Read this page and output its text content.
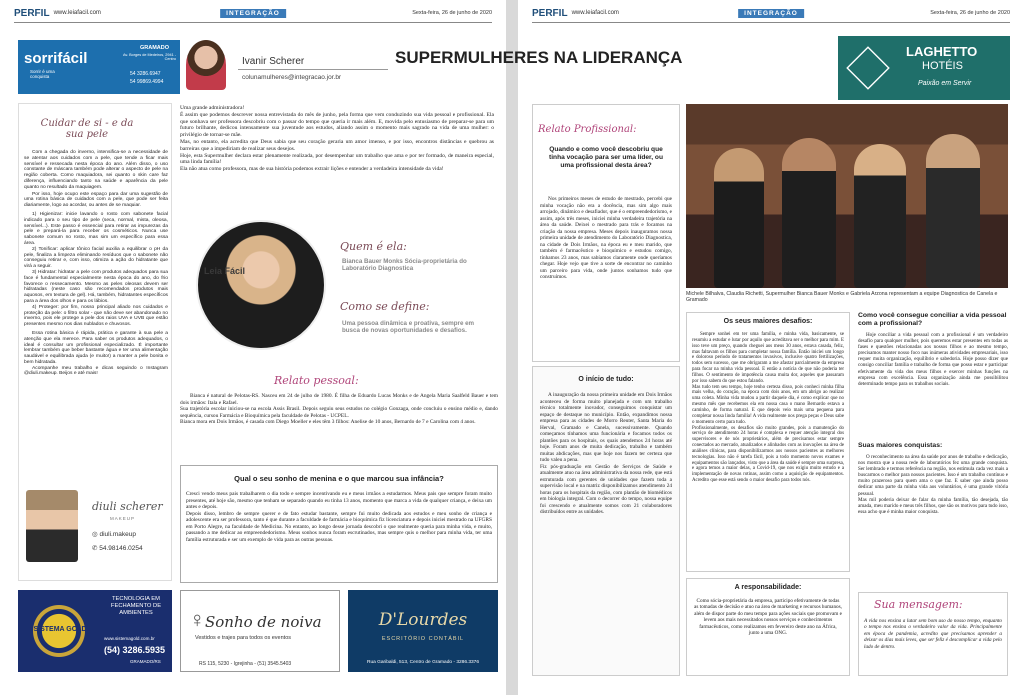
PERFIL www.leiafacil.com	INTEGRAÇÃO	Sexta-feira, 26 de junho de 2020
sorrifácil
Sorrir é uma conquista
GRAMADO
Av. Borges de Medeiros, 2941 - Centro
54 3286.6947
54 99869.4994
Ivanir Scherer
colunamulheres@integracao.jor.br
Cuidar de si - e da sua pele

Com a chegada do inverno, intensifica-se a necessidade de se atentar aos cuidados com a pele, que tende a ficar mais sensível e ressecada nesta época do ano. Além disso, o uso constante de máscara também pode alterar o aspecto de pele na região coberta. Como maquiadora, sei quanto o skin care faz diferença, influenciando tanto na saúde e aparência da pele quanto no resultado da maquiagem.

Por isso, hoje ocupo este espaço para dar uma sugestão de uma rotina básica de cuidados com a pele, que pode ser feita diariamente, logo ao acordar, ou antes de se maquiar.

1) Higienizar: inicie lavando o rosto com sabonete facial indicado para o seu tipo de pele (seca, normal, mista, oleosa, sensível...). Este passo é essencial para retirar as impurezas da pele e prepará-la para receber os cosméticos. Nunca use sabonete comum no rosto, mas sim um específico para essa área.

2) Tonificar: aplicar tônico facial auxilia a equilibrar o pH da pele, finaliza a limpeza eliminando resíduos que o sabonete não conseguiu retirar e, com isso, otimiza a ação do hidratante que virá a seguir.

3) Hidratar: hidratar a pele com produtos adequados para sua face é fundamental especialmente nesta época do ano, do frio favorece o ressecamento. Mesmo as peles oleosas devem ser hidratadas (neste caso são recomendados produtos mais aquosos, em textura de gel). Há, também, hidratantes específicos para a área dos olhos e para os lábios.

4) Proteger: por fim, nosso principal aliado nos cuidados e proteção da pele: o filtro solar - que não deve ser abandonado no inverno, pois ele protege a pele dos raios UVA e UVB que estão presentes mesmo nos dias nublados e chuvosos.

Essa rotina básica é rápida, prática e garante à sua pele a atenção que ela merece. Para saber os produtos adequados, o ideal é consultar um profissional especializado. É importante lembrar também que beber bastante água e ter uma alimentação saudável e equilibrada ajuda (e muito!) a manter a pele bonita e bem hidratada.

Acompanhe meu trabalho e dicas seguindo o Instagram @diuli.makeup. Beijos e até mais!

diuli scherer
MAKEUP
◎ diuli.makeup
✆ 54.98146.0254
Uma grande administradora!
É assim que podemos descrever nossa entrevistada do mês de junho, pela forma que vem conduzindo sua vida pessoal e profissional. Ela que sonhava ser professora descobriu com o passar do tempo que queria ir mais além. E, movida pelo entusiasmo de preparar-se para um futuro brilhante, dedicou intensamente sua juventude aos estudos, aliando assim o momento mais sagrado na vida de uma mulher: o privilégio de tornar-se mãe.
Mas, no entanto, ela acredita que Deus sabia que seu coração geraria um amor imenso, e por isso, encontros distâncias e quebrou as barreiras que a impediriam de realizar seus desejos.
Hoje, esta Supermulher declara estar plenamente realizada, por desempenhar um trabalho que ama e por ter formado, de maneira especial, uma linda família!
Ela não atua como professora, mas de sua história podemos extrair lições e entender a verdadeira intensidade da vida!
Leia Fácil
Quem é ela:
Bianca Bauer Monks Sócia-proprietária do Laboratório Diagnostica
Como se define:
Uma pessoa dinâmica e proativa, sempre em busca de novas oportunidades e desafios.
Relato pessoal:
Bianca é natural de Pelotas-RS. Nasceu em 24 de julho de 1980. É filha de Eduardo Lucas Monks e de Angela Maria Saalfeld Bauer e tem dois irmãos: Itala e Rafael.
Sua trajetória escolar iniciou-se na escola Assis Brasil. Depois seguiu seus estudos no colégio Gonzaga, onde concluiu o ensino médio e, dando sequência, cursou Farmácia e Bioquímica pela faculdade de Pelotas - UCPEL.
Bianca mora em Dois Irmãos, é casada com Diego Moeller e eles têm 3 filhos: Anelise de 10 anos, Bernardo de 7 e Carolina com 4 anos.
Qual o seu sonho de menina e o que marcou sua infância?
Cresci vendo meus pais trabalharem o dia todo e sempre incentivando eu e meus irmãos a estudarmos. Meus pais que sempre foram muito presentes, até hoje são, mesmo que tenham se separado quando eu tinha 13 anos, momento que marca a vida de qualquer criança, e deixa um antes e depois.
Depois disso, lembro de sempre querer e de fato estudar bastante, sempre fui muito dedicada aos estudos e meu sonho de criança e adolescente era ser professora, tanto é que durante a faculdade de farmácia e bioquímica fiz licenciatura e depois iniciei mestrado na UFGRS em Porto Alegre, na faculdade de Medicina. No entanto, ao longo desse jornada descobri o que realmente queria para minha vida, e muito, passando a me dedicar ao empreendedorismo. Meus sonhos nunca foram escrutinados, mas sempre quis o melhor para minha vida, ter uma família estruturada e ser um exemplo de vida para as outras pessoas.
SISTEMA GOLD
TECNOLOGIA EM FECHAMENTO DE AMBIENTES
www.sistemagold.com.br
(54) 3286.5935
GRAMADO/RS
♀ Sonho de noiva
Vestidos e trajes para todos os eventos
RS 115, 5230 - Igrejinha - (51) 3545.5403
D'Lourdes
ESCRITÓRIO CONTÁBIL
Rua Garibaldi, 513, Centro de Gramado - 3286.3376
PERFIL www.leiafacil.com	INTEGRAÇÃO	Sexta-feira, 26 de junho de 2020
LAGHETTO
HOTÉIS
Paixão em Servir
Relato Profissional:
Quando e como você descobriu que tinha vocação para ser uma líder, ou uma profissional desta área?
Nos primeiros meses de estudo de mestrado, percebi que minha vocação não era a docência, mas sim algo mais arrojado, dinâmico e desafiador, que é o empreendedorismo, e assim, após três meses, iniciei minha verdadeira trajetória na área da saúde. Deixei o mestrado para trás e focamos na criação da nossa empresa. Meses depois inauguramos nossa primeira unidade de atendimento do Laboratório Diagnostica, na cidade de Dois Irmãos, na época eu e meu marido, que também é farmacêutico e bioquímico e estudou comigo, tínhamos 23 anos, mas sabíamos claramente onde queríamos chegar. Hoje vejo que tive a sorte de encontrar no caminho um parceiro para vida, onde juntos sonhamos tudo que construímos.
O início de tudo:
A inauguração da nossa primeira unidade em Dois Irmãos aconteceu de forma muito planejada e com um trabalho técnico totalmente inovador, conseguimos conquistar um espaço de destaque no município. Então, expandimos nossa empresa para as cidades de Morro Reuter, Santa Maria do Herval, Gramado e Canela, sucessivamente. Quando começamos tínhamos uma funcionária e focamos todos os plantões para os hospitais, os quais atendemos 24 horas até hoje. Foram anos de muita dedicação, trabalho e também muitas abdicações, mas que hoje nos fazem ter certeza que tudo valeu a pena.
Fiz pós-graduação em Gestão de Serviços de Saúde e atualmente atuo na área administrativa da nossa rede, que está estruturada com gerentes de unidades que fazem toda a supervisão local e na matriz disponibilizamos atendimento 24 horas para os hospitais da região, com plantão de biomédicos em biologia integral. Com o decorrer do tempo, nossa equipe foi crescendo e atualmente somos com 21 colaboradores distribuídos entre as unidades.
Michele Bilhalva, Claudia Richetti, Supermulher Bianca Bauer Monks e Gabriela Arzona representam a equipe Diagnostica de Canela e Gramado
Os seus maiores desafios:
Sempre sonhei em ter uma família, e minha vida, basicamente, se resumiu a estudar e lutar por aquilo que acreditava ser o melhor para mim. E isso teve um preço, quando cheguei aos meus 30 anos, estava casada, feliz, mas faltavam os filhos para completar nossa família. Então iniciei um longo e doloroso período de tratamentos invasivos, inclusive quatro fertilizações, todos sem sucesso, que me obrigaram a me afastar parcialmente da empresa para focar na minha vida pessoal. E então a notícia de que não poderia ter filhos. O sentimento de impotência causa muita dor, aqueles que passaram por isso sabem do que estou falando.
Mas tudo tem seu tempo, hoje tenho certeza disso, pois conheci minha filha mais velha, do coração, na época com dois anos, em um abrigo ao realizar uma coleta. Minha vida mudou a partir daquele dia, é como explicar que no mesmo mês que recebemos ela em nossa casa o mano Bernardo estava a caminho, de forma natural. E que depois veio mais uma pequena para completar nossa linda família! A vida realmente nos prega peças e Deus sabe o momento certo para tudo.
Profissionalmente, os desafios são muito grandes, pois a manutenção do serviço de atendimento 24 horas é complexa e requer atenção integral dos supervisores e de nós proprietários, além de precisamos estar sempre conectados ao mercado, atualizados e alinhados com as inovações na área de análises clínicas, para disponibilizarmos aos nossos pacientes as melhores tecnologias. Isso não é tarefa fácil, pois a todo momento novos exames e equipamentos são lançados, visto que a área da saúde é sempre uma surpresa, e agora temos a maior delas, a Covid-19, que nos exigiu muito estudo e a implementação de novas rotinas, assim como a aquisição de equipamentos. Acredito que esse está sendo o maior desafio para todos nós.
A responsabilidade:
Como sócia-proprietária da empresa, participo efetivamente de todas as tomadas de decisão e atuo na área de marketing e recursos humanos, além de dispor parte do meu tempo para ações sociais que promovam e levem aos mais necessitados nossos serviços e conhecimentos farmacêuticos, como realizamos em fevereiro deste ano na África, junto a uma ONG.
Como você consegue conciliar a vida pessoal com a profissional?
Hoje conciliar a vida pessoal com a profissional é um verdadeiro desafio para qualquer mulher, pois queremos estar presentes em todas as fases e questões relacionadas aos nossos filhos e ao mesmo tempo, precisamos manter nosso foco nas inúmeras atividades empresariais, isso requer muita organização, equilíbrio e sabedoria. Hoje posso dizer que consigo conciliar família e trabalho de forma que posso estar e participar efetivamente da vida dos meus filhos e exercer minhas funções na empresa com excelência. Essa organização ainda me possibilitou determinado tempo para os trabalhos sociais.
Suas maiores conquistas:
O reconhecimento na área da saúde por anos de trabalho e dedicação, nos mostra que a nossa rede de laboratórios fez uma grande conquista. Ser lembrado e termos referência na região, nos estimula cada vez mais a buscarmos o melhor para nossos pacientes. Isso é um trabalho contínuo e muito prazeroso para quem ama o que faz. E saber que ainda posso dedicar uma parte da minha vida aos voluntários, é uma grande vitória pessoal.
Mas mil poderia deixar de falar da minha família, tão desejada, tão amada, meu marido e meus três filhos, que são os motivos para tudo isso, essa acho que é minha maior conquista.
Sua mensagem:
A vida nos ensina a lutar sem bom uso do nosso tempo, enquanto o tempo nos ensina o verdadeiro valor da vida. Principalmente em época de pandemia, acredito que precisamos aprender a deixar os dias mais leves, que ser feliz é descomplicar a vida pelo lado de dentro.
SUPERMULHERES NA LIDERANÇA
